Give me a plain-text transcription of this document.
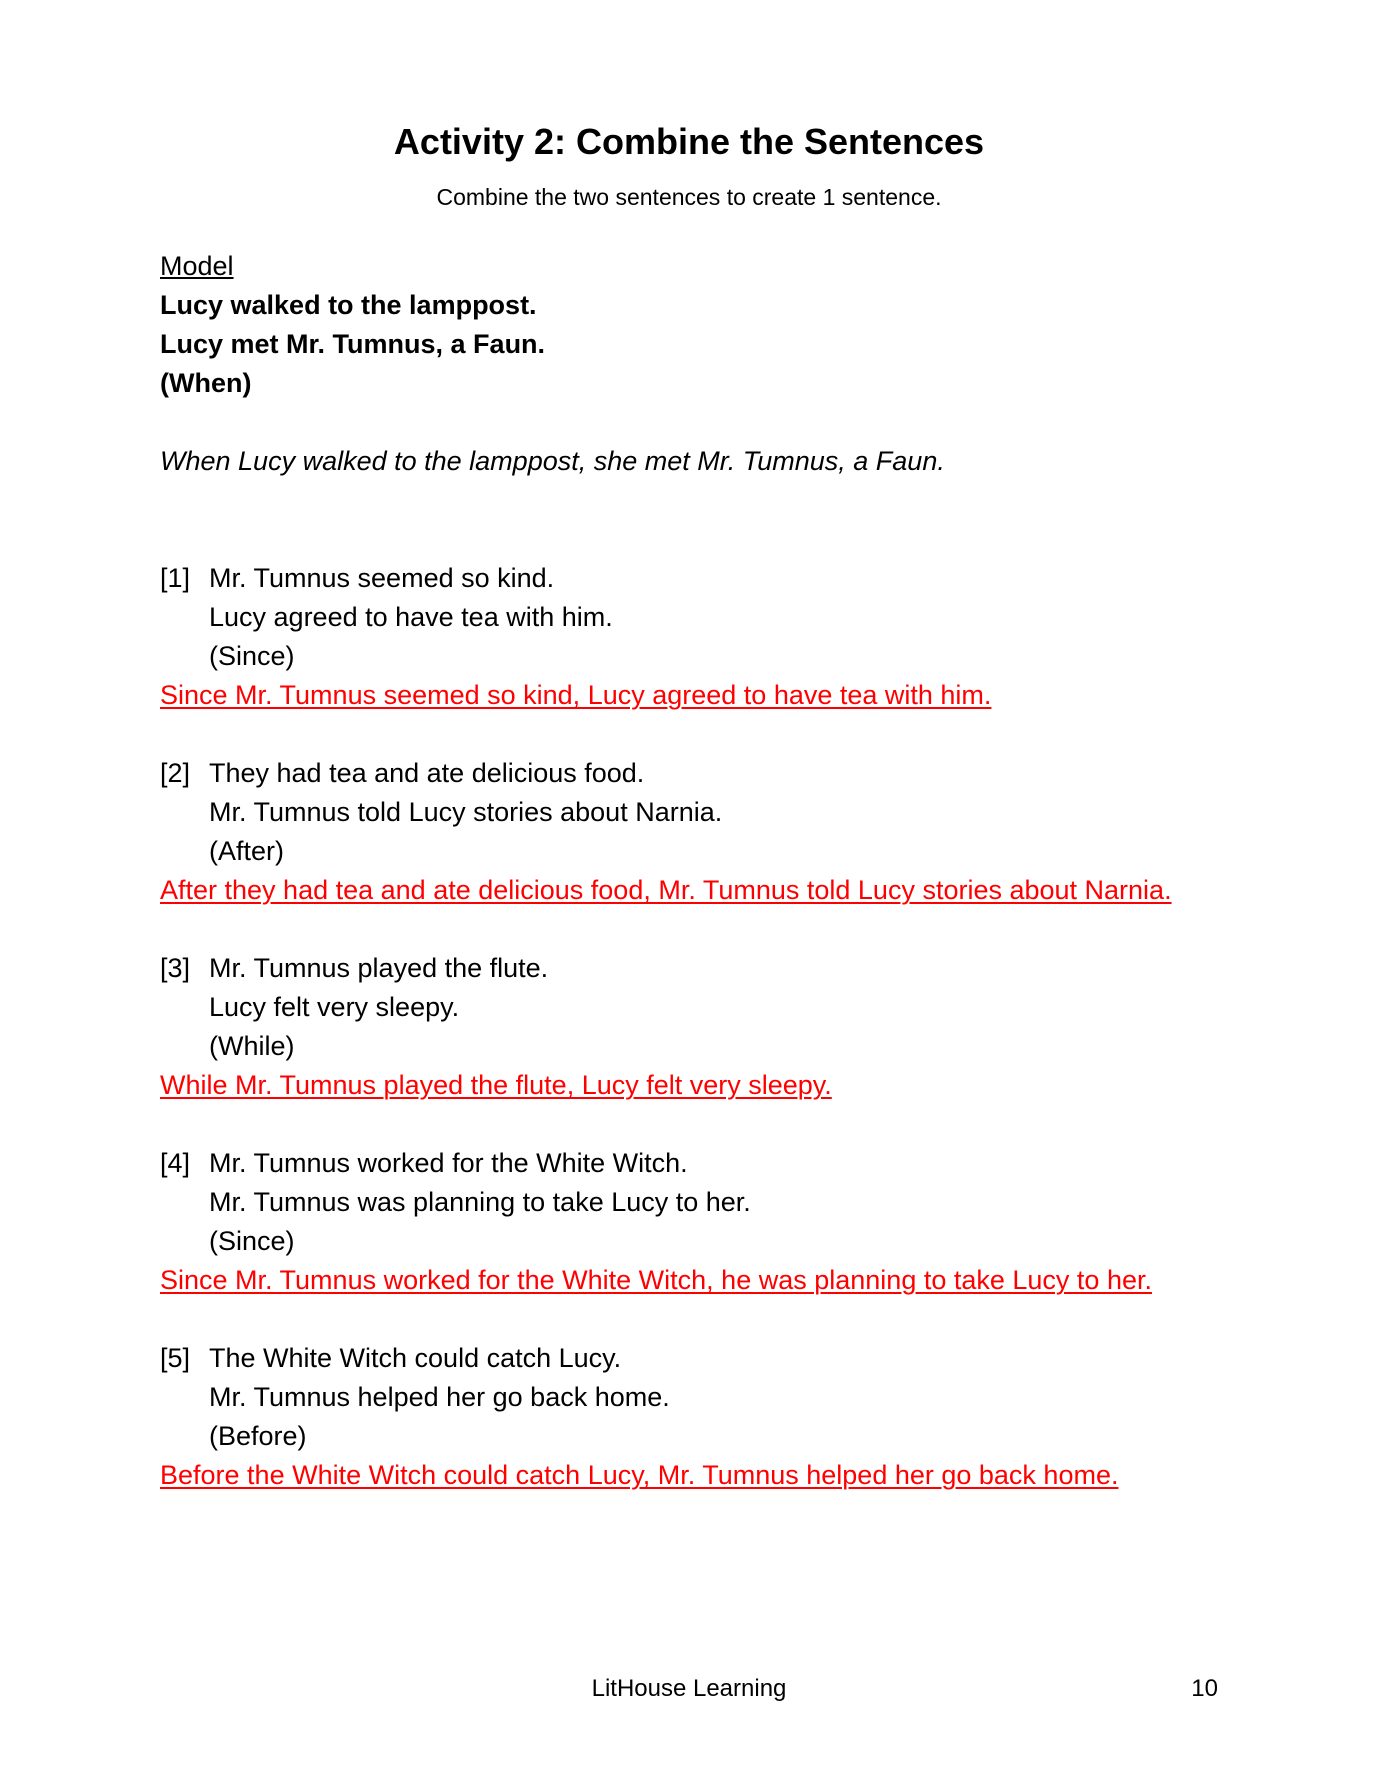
Activity 2: Combine the Sentences
Combine the two sentences to create 1 sentence.
Model
Lucy walked to the lamppost.
Lucy met Mr. Tumnus, a Faun.
(When)
When Lucy walked to the lamppost, she met Mr. Tumnus, a Faun.
[1] Mr. Tumnus seemed so kind.
Lucy agreed to have tea with him.
(Since)
Since Mr. Tumnus seemed so kind, Lucy agreed to have tea with him.
[2] They had tea and ate delicious food.
Mr. Tumnus told Lucy stories about Narnia.
(After)
After they had tea and ate delicious food, Mr. Tumnus told Lucy stories about Narnia.
[3] Mr. Tumnus played the flute.
Lucy felt very sleepy.
(While)
While Mr. Tumnus played the flute, Lucy felt very sleepy.
[4] Mr. Tumnus worked for the White Witch.
Mr. Tumnus was planning to take Lucy to her.
(Since)
Since Mr. Tumnus worked for the White Witch, he was planning to take Lucy to her.
[5] The White Witch could catch Lucy.
Mr. Tumnus helped her go back home.
(Before)
Before the White Witch could catch Lucy, Mr. Tumnus helped her go back home.
LitHouse Learning	10
